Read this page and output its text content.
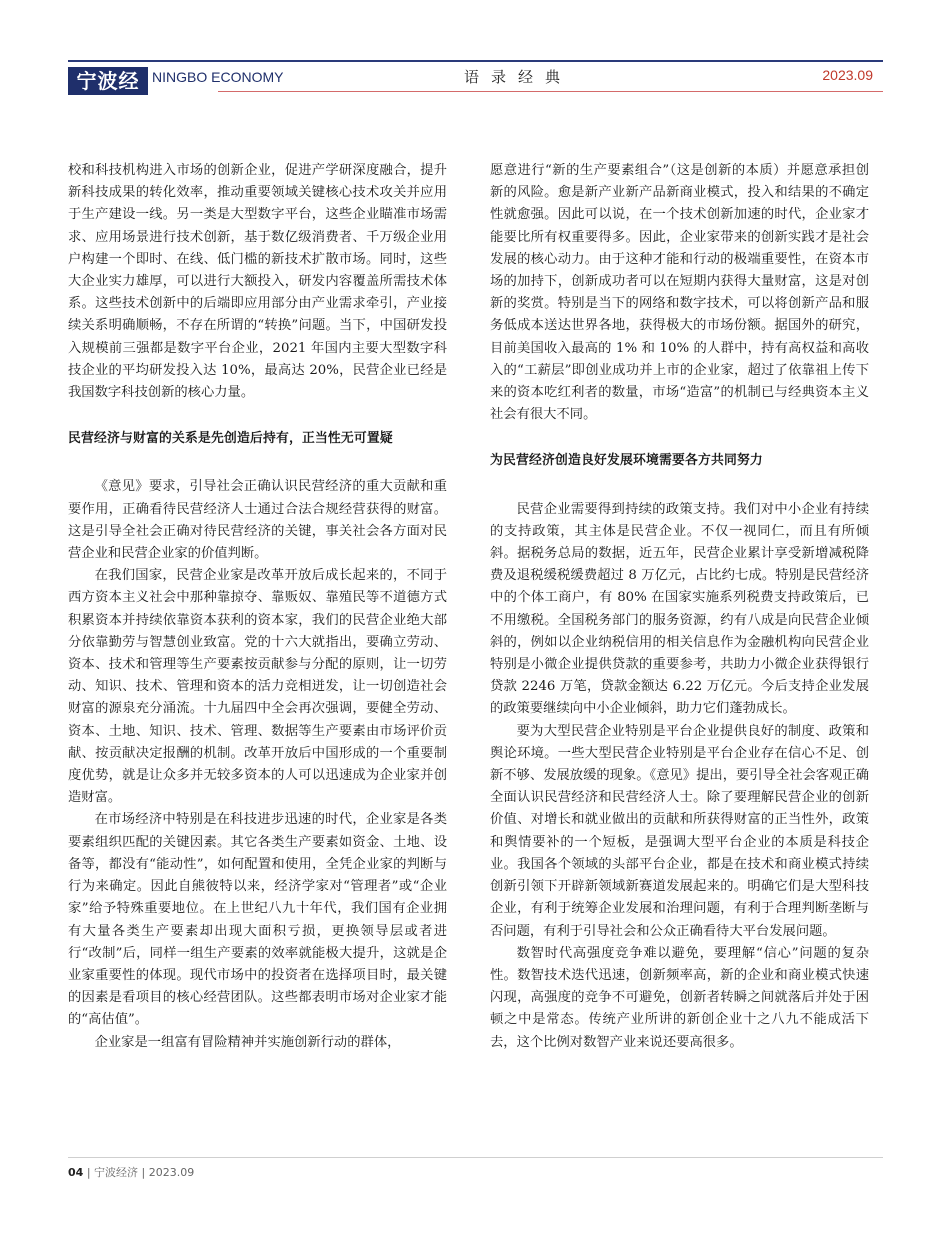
宁波经济
NINGBO ECONOMY	语录经典	2023.09

校和科技机构进入市场的创新企业，促进产学研深度融合，提升新科技成果的转化效率，推动重要领域关键核心技术攻关并应用于生产建设一线。另一类是大型数字平台，这些企业瞄准市场需求、应用场景进行技术创新，基于数亿级消费者、千万级企业用户构建一个即时、在线、低门槛的新技术扩散市场。同时，这些大企业实力雄厚，可以进行大额投入，研发内容覆盖所需技术体系。这些技术创新中的后端即应用部分由产业需求牵引，产业接续关系明确顺畅，不存在所谓的“转换”问题。当下，中国研发投入规模前三强都是数字平台企业，2021 年国内主要大型数字科技企业的平均研发投入达 10%，最高达 20%，民营企业已经是我国数字科技创新的核心力量。

民营经济与财富的关系是先创造后持有，正当性无可置疑

《意见》要求，引导社会正确认识民营经济的重大贡献和重要作用，正确看待民营经济人士通过合法合规经营获得的财富。这是引导全社会正确对待民营经济的关键，事关社会各方面对民营企业和民营企业家的价值判断。

在我们国家，民营企业家是改革开放后成长起来的，不同于西方资本主义社会中那种靠掠夺、靠贩奴、靠殖民等不道德方式积累资本并持续依靠资本获利的资本家，我们的民营企业绝大部分依靠勤劳与智慧创业致富。党的十六大就指出，要确立劳动、资本、技术和管理等生产要素按贡献参与分配的原则，让一切劳动、知识、技术、管理和资本的活力竞相迸发，让一切创造社会财富的源泉充分涌流。十九届四中全会再次强调，要健全劳动、资本、土地、知识、技术、管理、数据等生产要素由市场评价贡献、按贡献决定报酬的机制。改革开放后中国形成的一个重要制度优势，就是让众多并无较多资本的人可以迅速成为企业家并创造财富。

在市场经济中特别是在科技进步迅速的时代，企业家是各类要素组织匹配的关键因素。其它各类生产要素如资金、土地、设备等，都没有“能动性”，如何配置和使用，全凭企业家的判断与行为来确定。因此自熊彼特以来，经济学家对“管理者”或“企业家”给予特殊重要地位。在上世纪八九十年代，我们国有企业拥有大量各类生产要素却出现大面积亏损，更换领导层或者进行“改制”后，同样一组生产要素的效率就能极大提升，这就是企业家重要性的体现。现代市场中的投资者在选择项目时，最关键的因素是看项目的核心经营团队。这些都表明市场对企业家才能的“高估值”。

企业家是一组富有冒险精神并实施创新行动的群体，

愿意进行“新的生产要素组合”（这是创新的本质）并愿意承担创新的风险。愈是新产业新产品新商业模式，投入和结果的不确定性就愈强。因此可以说，在一个技术创新加速的时代，企业家才能要比所有权重要得多。因此，企业家带来的创新实践才是社会发展的核心动力。由于这种才能和行动的极端重要性，在资本市场的加持下，创新成功者可以在短期内获得大量财富，这是对创新的奖赏。特别是当下的网络和数字技术，可以将创新产品和服务低成本送达世界各地，获得极大的市场份额。据国外的研究，目前美国收入最高的 1% 和 10% 的人群中，持有高权益和高收入的“工薪层”即创业成功并上市的企业家，超过了依靠祖上传下来的资本吃红利者的数量，市场“造富”的机制已与经典资本主义社会有很大不同。

为民营经济创造良好发展环境需要各方共同努力

民营企业需要得到持续的政策支持。我们对中小企业有持续的支持政策，其主体是民营企业。不仅一视同仁，而且有所倾斜。据税务总局的数据，近五年，民营企业累计享受新增减税降费及退税缓税缓费超过 8 万亿元，占比约七成。特别是民营经济中的个体工商户，有 80% 在国家实施系列税费支持政策后，已不用缴税。全国税务部门的服务资源，约有八成是向民营企业倾斜的，例如以企业纳税信用的相关信息作为金融机构向民营企业特别是小微企业提供贷款的重要参考，共助力小微企业获得银行贷款 2246 万笔，贷款金额达 6.22 万亿元。今后支持企业发展的政策要继续向中小企业倾斜，助力它们蓬勃成长。

要为大型民营企业特别是平台企业提供良好的制度、政策和舆论环境。一些大型民营企业特别是平台企业存在信心不足、创新不够、发展放缓的现象。《意见》提出，要引导全社会客观正确全面认识民营经济和民营经济人士。除了要理解民营企业的创新价值、对增长和就业做出的贡献和所获得财富的正当性外，政策和舆情要补的一个短板，是强调大型平台企业的本质是科技企业。我国各个领域的头部平台企业，都是在技术和商业模式持续创新引领下开辟新领域新赛道发展起来的。明确它们是大型科技企业，有利于统筹企业发展和治理问题，有利于合理判断垄断与否问题，有利于引导社会和公众正确看待大平台发展问题。

数智时代高强度竞争难以避免，要理解“信心”问题的复杂性。数智技术迭代迅速，创新频率高，新的企业和商业模式快速闪现，高强度的竞争不可避免，创新者转瞬之间就落后并处于困顿之中是常态。传统产业所讲的新创企业十之八九不能成活下去，这个比例对数智产业来说还要高很多。

04 | 宁波经济 | 2023.09
